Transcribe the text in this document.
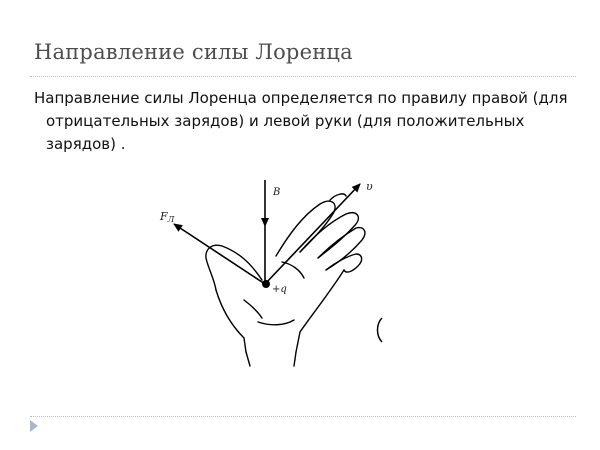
Направление силы Лоренца

Направление силы Лоренца определяется по правилу правой (для отрицательных зарядов) и левой руки (для положительных зарядов) .

FЛ
B	υ
+q
